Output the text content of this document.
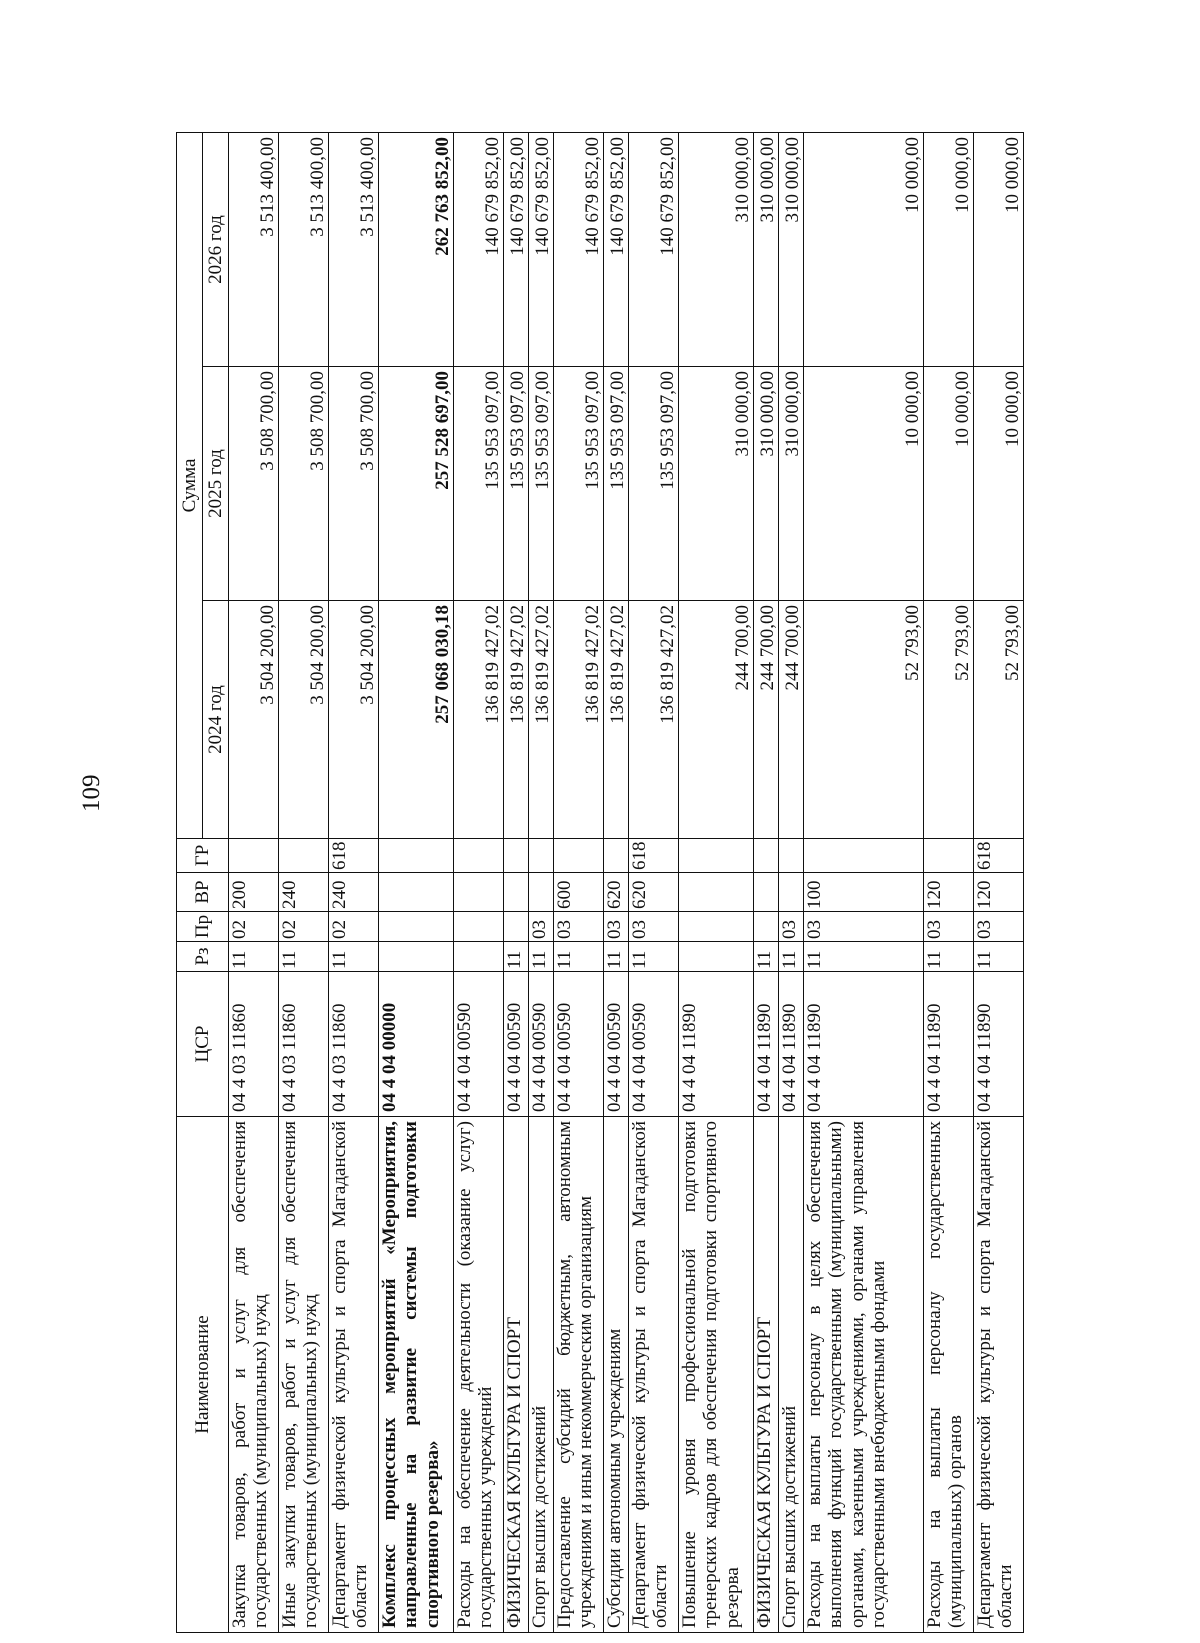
109
Наименование	ЦСР	Рз	Пр	ВР	ГР	Сумма		
						2024 год	2025 год	2026 год
Закупка товаров, работ и услуг для обеспечения государственных (муниципальных) нужд	04 4 03 11860	11	02	200		3 504 200,00	3 508 700,00	3 513 400,00
Иные закупки товаров, работ и услуг для обеспечения государственных (муниципальных) нужд	04 4 03 11860	11	02	240		3 504 200,00	3 508 700,00	3 513 400,00
Департамент физической культуры и спорта Магаданской области	04 4 03 11860	11	02	240	618	3 504 200,00	3 508 700,00	3 513 400,00
Комплекс процессных мероприятий «Мероприятия, направленные на развитие системы подготовки спортивного резерва»	04 4 04 00000					257 068 030,18	257 528 697,00	262 763 852,00
Расходы на обеспечение деятельности (оказание услуг) государственных учреждений	04 4 04 00590					136 819 427,02	135 953 097,00	140 679 852,00
ФИЗИЧЕСКАЯ КУЛЬТУРА И СПОРТ	04 4 04 00590	11				136 819 427,02	135 953 097,00	140 679 852,00
Спорт высших достижений	04 4 04 00590	11	03			136 819 427,02	135 953 097,00	140 679 852,00
Предоставление субсидий бюджетным, автономным учреждениям и иным некоммерческим организациям	04 4 04 00590	11	03	600		136 819 427,02	135 953 097,00	140 679 852,00
Субсидии автономным учреждениям	04 4 04 00590	11	03	620		136 819 427,02	135 953 097,00	140 679 852,00
Департамент физической культуры и спорта Магаданской области	04 4 04 00590	11	03	620	618	136 819 427,02	135 953 097,00	140 679 852,00
Повышение уровня профессиональной подготовки тренерских кадров для обеспечения подготовки спортивного резерва	04 4 04 11890					244 700,00	310 000,00	310 000,00
ФИЗИЧЕСКАЯ КУЛЬТУРА И СПОРТ	04 4 04 11890	11				244 700,00	310 000,00	310 000,00
Спорт высших достижений	04 4 04 11890	11	03			244 700,00	310 000,00	310 000,00
Расходы на выплаты персоналу в целях обеспечения выполнения функций государственными (муниципальными) органами, казенными учреждениями, органами управления государственными внебюджетными фондами	04 4 04 11890	11	03	100		52 793,00	10 000,00	10 000,00
Расходы на выплаты персоналу государственных (муниципальных) органов	04 4 04 11890	11	03	120		52 793,00	10 000,00	10 000,00
Департамент физической культуры и спорта Магаданской области	04 4 04 11890	11	03	120	618	52 793,00	10 000,00	10 000,00
